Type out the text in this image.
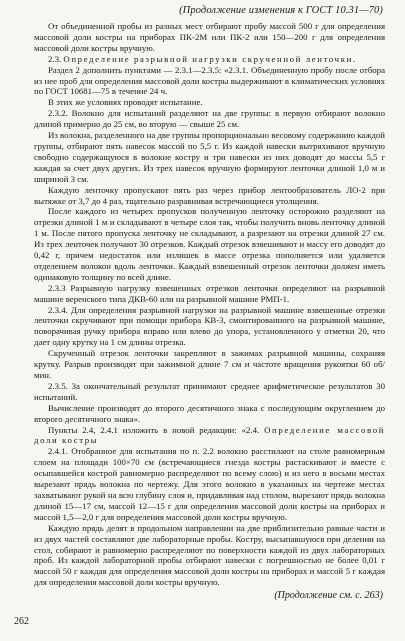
(Продолжение изменения к ГОСТ 10.31—70)

От объединенной пробы из разных мест отбирают пробу массой 500 г для определения массовой доли костры на приборах ПК-2М или ПК-2 или 150—200 г для определения массовой доли костры вручную.

2.3. Определение разрывной нагрузки скрученной ленточки.

Раздел 2 дополнить пунктами — 2.3.1—2.3.5: «2.3.1. Объединенную пробу после отбора из нее проб для определения массовой доли костры выдерживают в климатических условиях по ГОСТ 10681—75 в течение 24 ч.

В этих же условиях проводят испытание.

2.3.2. Волокно для испытаний разделяют на две группы: в первую отбирают волокно длиной примерно до 25 см, во вторую — свыше 25 см.

Из волокна, разделенного на две группы пропорционально весовому содержанию каждой группы, отбирают пять навесок массой по 5,5 г. Из каждой навески вытряхивают вручную свободно содержащуюся в волокне костру и три навески из них доводят до массы 5,5 г каждая за счет двух других. Из трех навесок вручную формируют ленточки длиной 1,0 м и шириной 3 см.

Каждую ленточку пропускают пять раз через прибор лентообразователь ЛО-2 при вытяжке от 3,7 до 4 раз, тщательно разравнивая встречающиеся утолщения.

После каждого из четырех пропусков полученную ленточку осторожно разделяют на отрезки длиной 1 м и складывают в четыре слоя так, чтобы получить вновь ленточку длиной 1 м. После пятого пропуска ленточку не складывают, а разрезают на отрезки длиной 27 см. Из трех ленточек получают 30 отрезков. Каждый отрезок взвешивают и массу его доводят до 0,42 г, причем недостаток или излишек в массе отрезка пополняется или удаляется отделением волокон вдоль ленточки. Каждый взвешенный отрезок ленточки должен иметь одинаковую толщину по всей длине.

2.3.3 Разрывную нагрузку взвешенных отрезков ленточки определяют на разрывной машине веренского типа ДКВ-60 или на разрывной машине РМП-1.

2.3.4. Для определения разрывной нагрузки на разрывной машине взвешенные отрезки ленточки скручивают при помощи прибора КВ-3, смонтированного на разрывной машине, поворачивая ручку прибора вправо или влево до упора, установленного у отметки 20, что дает одну крутку на 1 см длины отрезка.

Скрученный отрезок ленточки закрепляют в зажимах разрывной машины, сохраняя крутку. Разрыв производят при зажимной длине 7 см и частоте вращения рукоятки 60 об/мин.

2.3.5. За окончательный результат принимают среднее арифметическое результатов 30 испытаний.

Вычисление производят до второго десятичного знака с последующим округлением до второго десятичного знака».

Пункты 2.4, 2.4.1 изложить в новой редакции: «2.4. Определение массовой доли костры

2.4.1. Отобранное для испытания по п. 2.2 волокно расстилают на столе равномерным слоем на площади 100×70 см (встречающиеся гнезда костры растаскивают и вместе с осыпавшейся кострой равномерно распределяют по всему слою) и из него в восьми местах вырезают прядь волокна по чертежу. Для этого волокно в указанных на чертеже местах захватывают рукой на всю глубину слоя и, придавливая над столом, вырезают прядь волокна длиной 15—17 см, массой 12—15 г для определения массовой доли костры на приборах и массой 1,5—2,0 г для определения массовой доли костры вручную.

Каждую прядь делят в продольном направлении на две приблизительно равные части и из двух частей составляют две лабораторные пробы. Костру, высыпавшуюся при делении на стол, собирают и равномерно распределяют по поверхности каждой из двух лабораторных проб. Из каждой лабораторной пробы отбирают навески с погрешностью не более 0,01 г массой 50 г каждая для определения массовой доли костры на приборах и массой 5 г каждая для определения массовой доли костры вручную.

(Продолжение см. с. 263)
262
